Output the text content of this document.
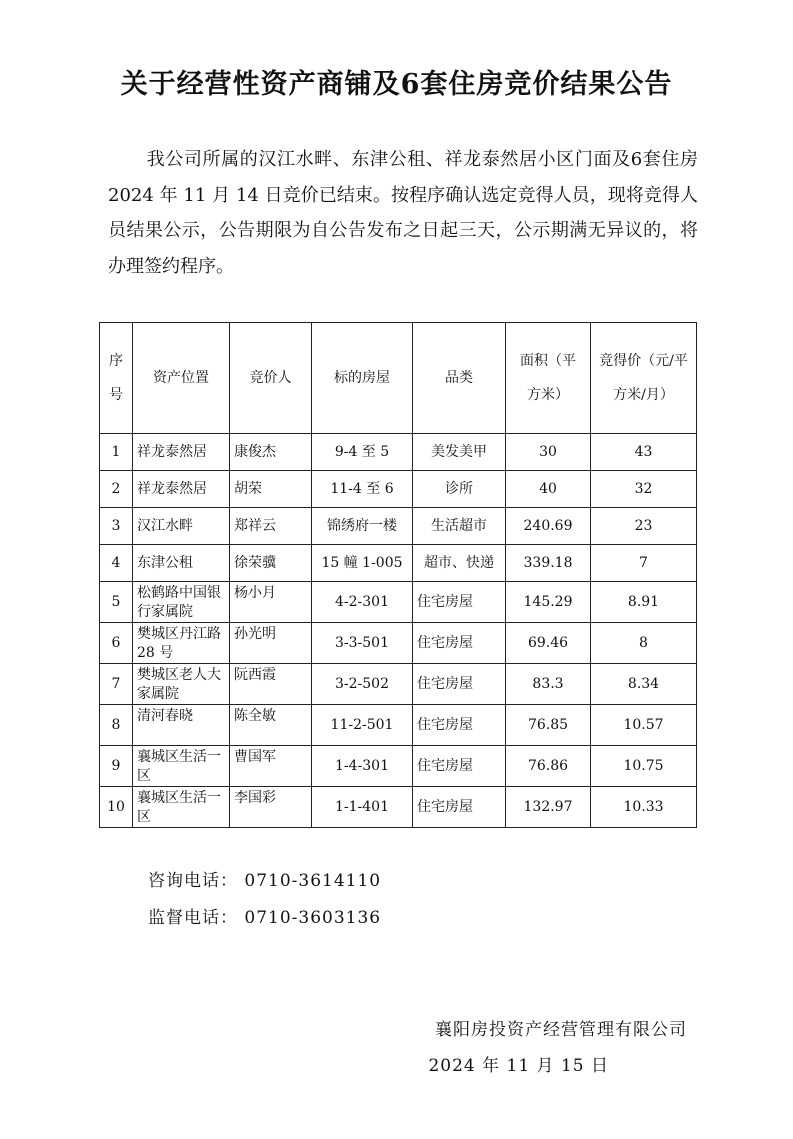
关于经营性资产商铺及6套住房竞价结果公告
我公司所属的汉江水畔、东津公租、祥龙泰然居小区门面及6套住房 2024 年 11 月 14 日竞价已结束。按程序确认选定竞得人员，现将竞得人员结果公示，公告期限为自公告发布之日起三天，公示期满无异议的，将办理签约程序。
序号	资产位置	竞价人	标的房屋	品类	面积（平方米）	竞得价（元/平方米/月）
1	祥龙泰然居	康俊杰	9-4 至 5	美发美甲	30	43
2	祥龙泰然居	胡荣	11-4 至 6	诊所	40	32
3	汉江水畔	郑祥云	锦绣府一楼	生活超市	240.69	23
4	东津公租	徐荣骥	15 幢 1-005	超市、快递	339.18	7
5	松鹤路中国银行家属院	杨小月	4-2-301	住宅房屋	145.29	8.91
6	樊城区丹江路 28 号	孙光明	3-3-501	住宅房屋	69.46	8
7	樊城区老人大家属院	阮西霞	3-2-502	住宅房屋	83.3	8.34
8	清河春晓	陈全敏	11-2-501	住宅房屋	76.85	10.57
9	襄城区生活一区	曹国军	1-4-301	住宅房屋	76.86	10.75
10	襄城区生活一区	李国彩	1-1-401	住宅房屋	132.97	10.33
咨询电话： 0710-3614110
监督电话： 0710-3603136
襄阳房投资产经营管理有限公司
2024 年 11 月 15 日
